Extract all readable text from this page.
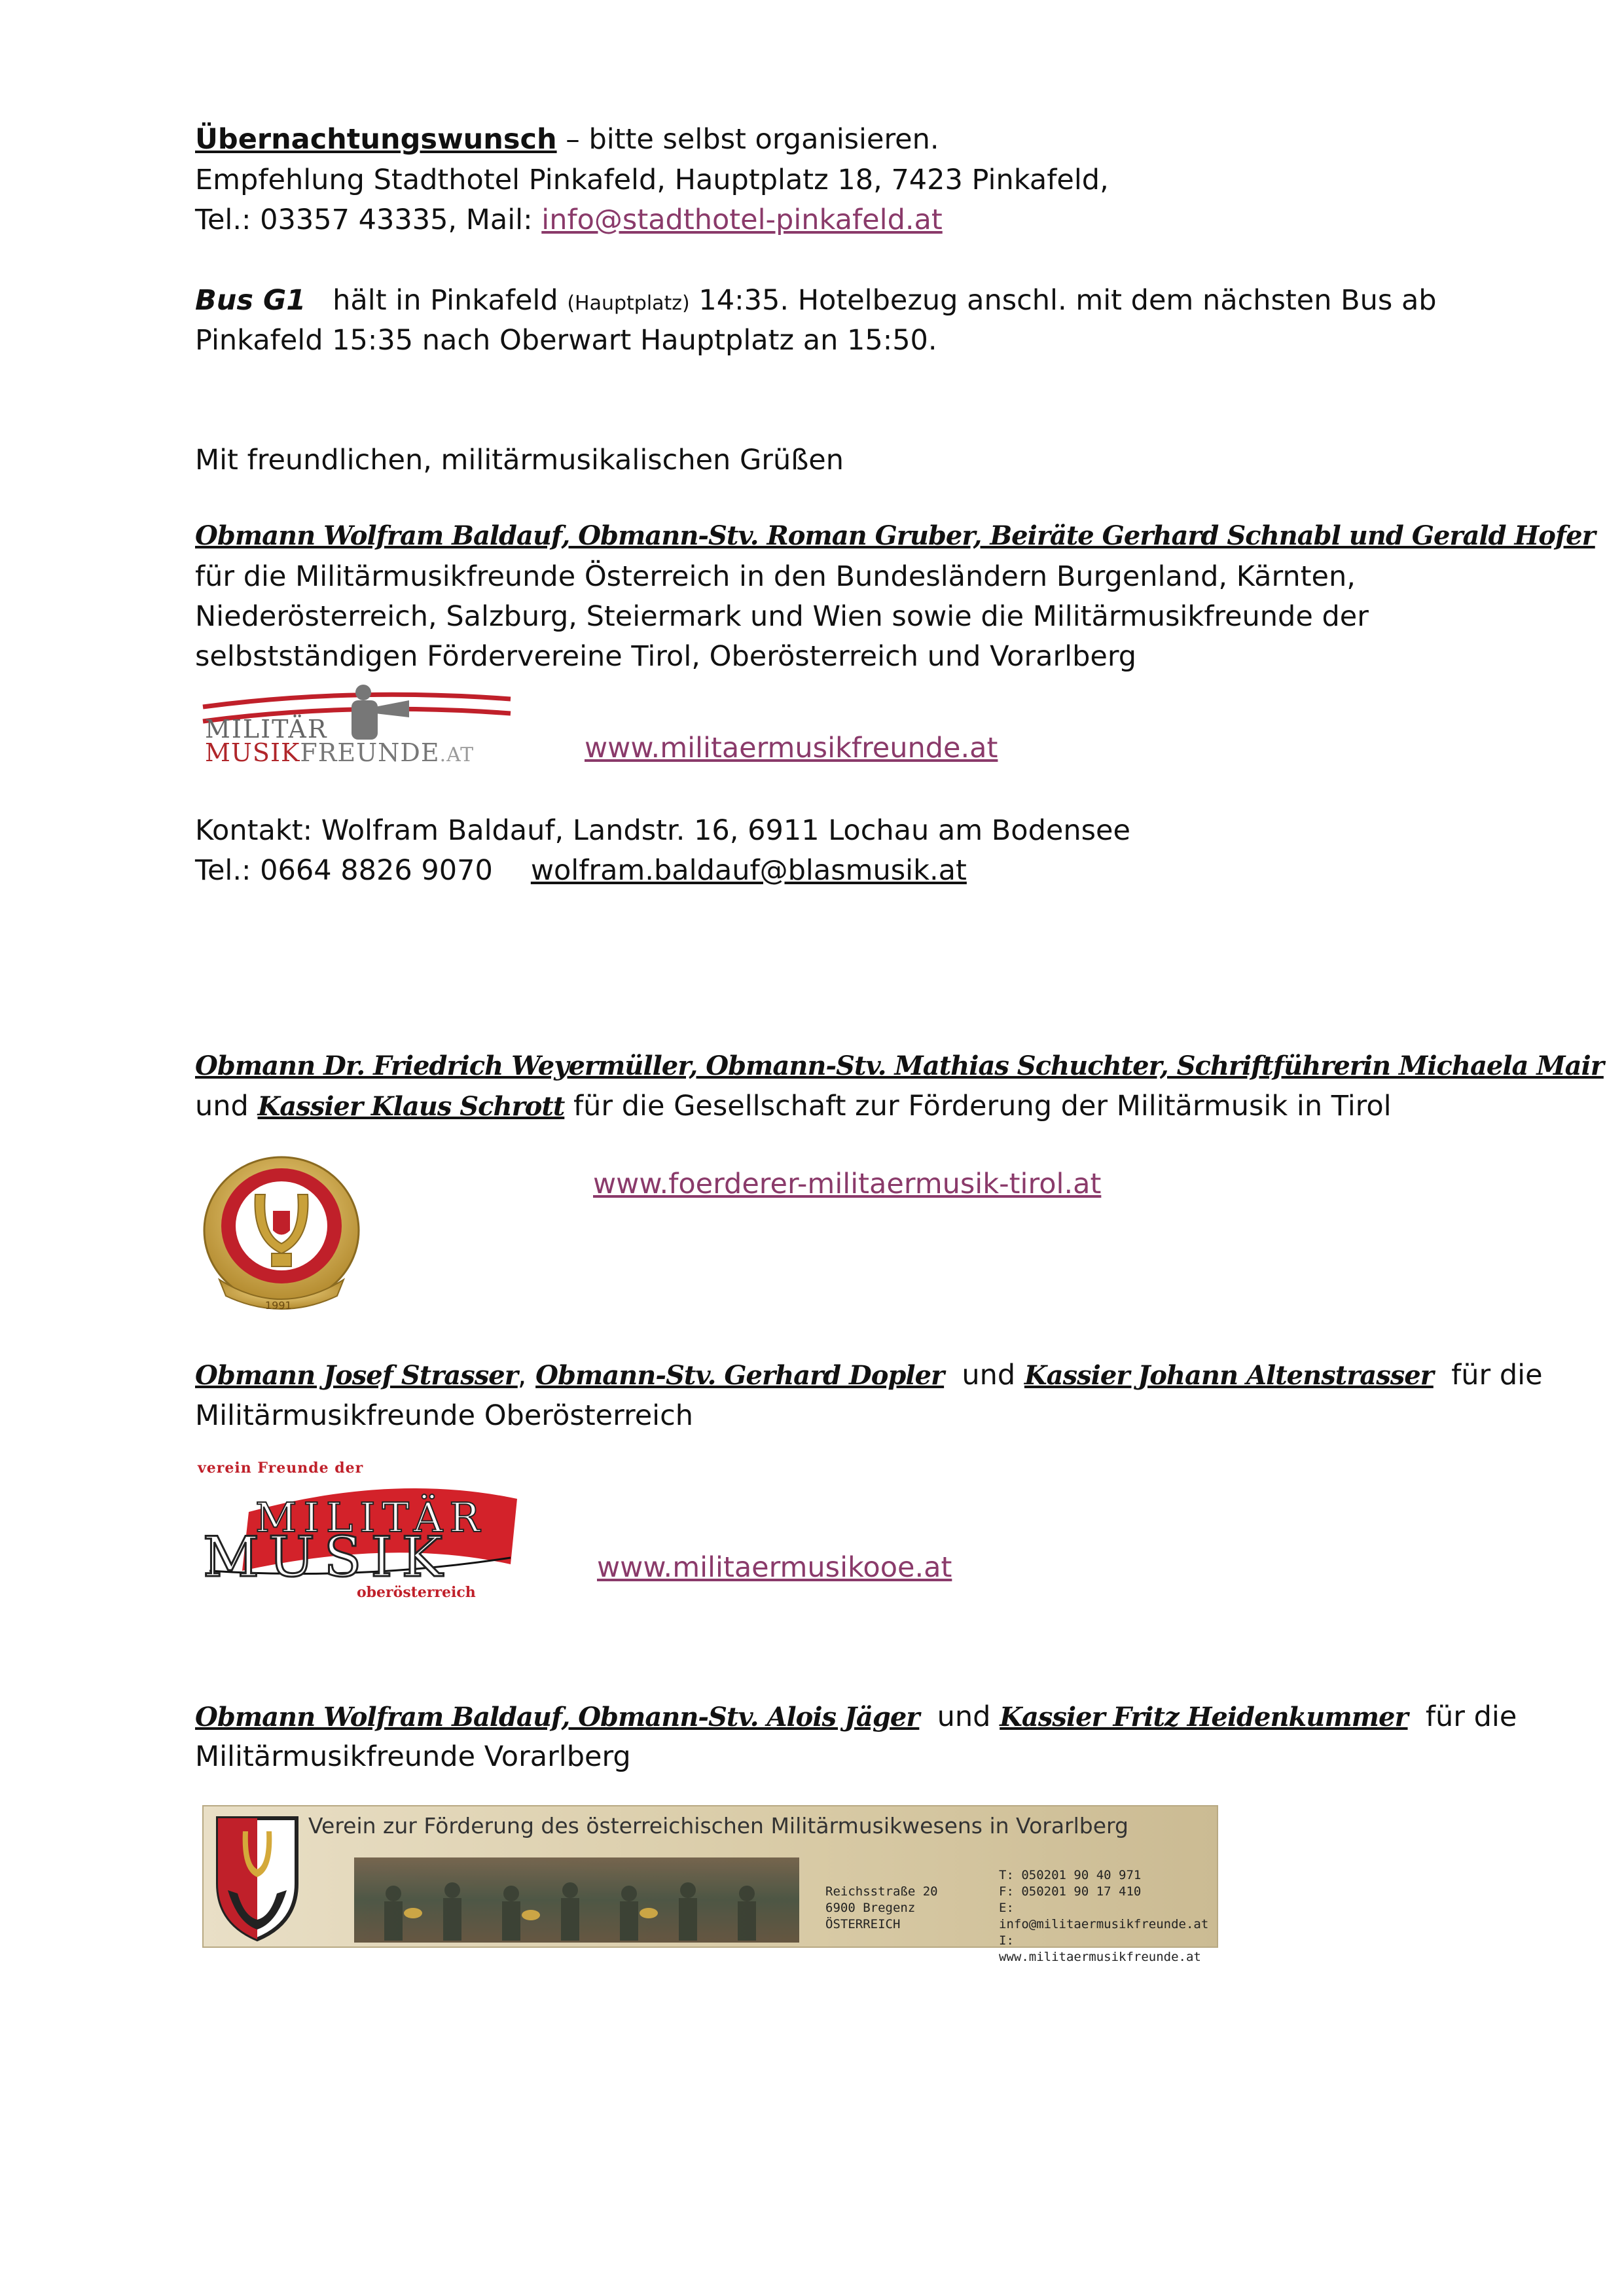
Übernachtungswunsch – bitte selbst organisieren.
Empfehlung Stadthotel Pinkafeld, Hauptplatz 18, 7423 Pinkafeld,
Tel.: 03357 43335, Mail: info@stadthotel-pinkafeld.at
Bus G1   hält in Pinkafeld (Hauptplatz) 14:35. Hotelbezug anschl. mit dem nächsten Bus ab
Pinkafeld 15:35 nach Oberwart Hauptplatz an 15:50.
Mit freundlichen, militärmusikalischen Grüßen
Obmann Wolfram Baldauf, Obmann-Stv. Roman Gruber, Beiräte Gerhard Schnabl und Gerald Hofer
für die Militärmusikfreunde Österreich in den Bundesländern Burgenland, Kärnten,
Niederösterreich, Salzburg, Steiermark und Wien sowie die Militärmusikfreunde der
selbstständigen Fördervereine Tirol, Oberösterreich und Vorarlberg
MILITÄR
MUSIKFREUNDE.AT	www.militaermusikfreunde.at
Kontakt: Wolfram Baldauf, Landstr. 16, 6911 Lochau am Bodensee
Tel.: 0664 8826 9070 wolfram.baldauf@blasmusik.at
Obmann Dr. Friedrich Weyermüller, Obmann-Stv. Mathias Schuchter, Schriftführerin Michaela Mair
und Kassier Klaus Schrott für die Gesellschaft zur Förderung der Militärmusik in Tirol
1991
www.foerderer-militaermusik-tirol.at
Obmann Josef Strasser, Obmann-Stv. Gerhard Dopler  und Kassier Johann Altenstrasser  für die
Militärmusikfreunde Oberösterreich
verein Freunde der
MILITÄR
MUSIK
oberösterreich
www.militaermusikooe.at
Obmann Wolfram Baldauf, Obmann-Stv. Alois Jäger  und Kassier Fritz Heidenkummer  für die
Militärmusikfreunde Vorarlberg
Verein zur Förderung des österreichischen Militärmusikwesens in Vorarlberg
Reichsstraße 20
6900 Bregenz
ÖSTERREICH
T: 050201 90 40 971
F: 050201 90 17 410
E: info@militaermusikfreunde.at
I: www.militaermusikfreunde.at
